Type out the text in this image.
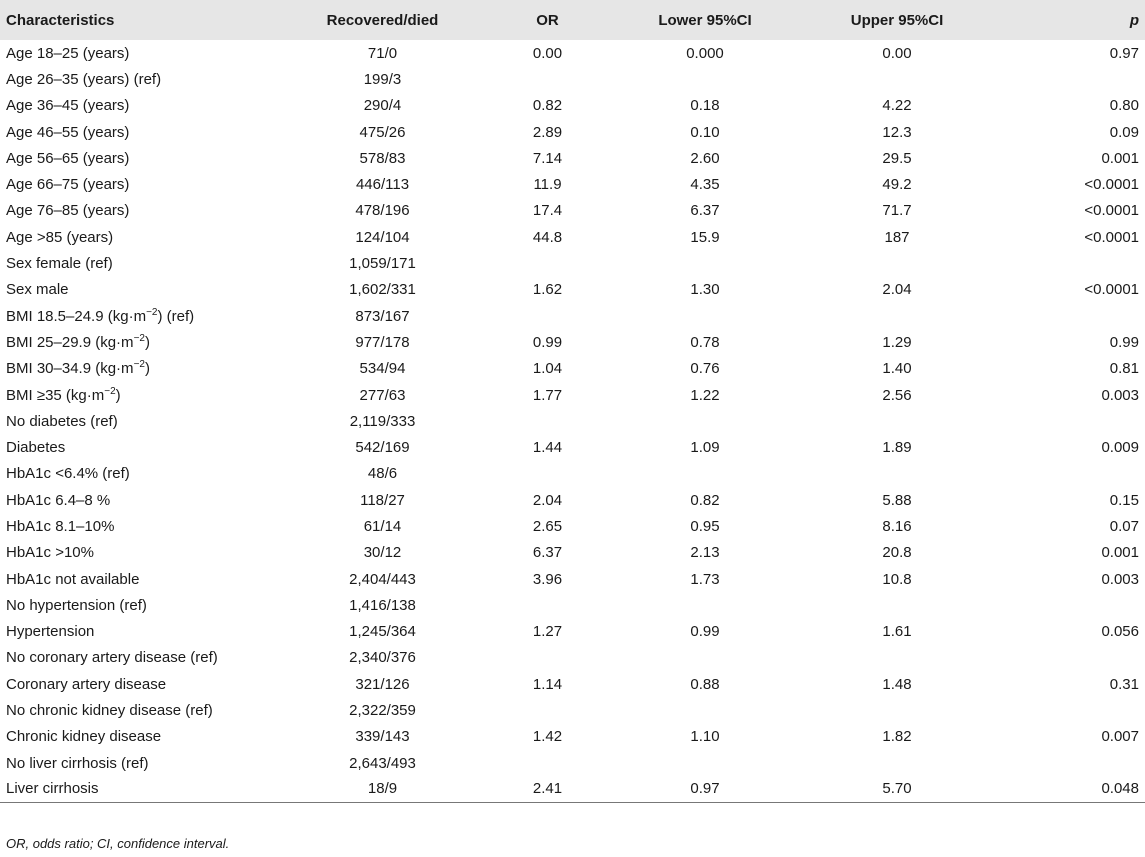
Characteristics	Recovered/died	OR	Lower 95%CI	Upper 95%CI	p
Age 18–25 (years)	71/0	0.00	0.000	0.00	0.97
Age 26–35 (years) (ref)	199/3				
Age 36–45 (years)	290/4	0.82	0.18	4.22	0.80
Age 46–55 (years)	475/26	2.89	0.10	12.3	0.09
Age 56–65 (years)	578/83	7.14	2.60	29.5	0.001
Age 66–75 (years)	446/113	11.9	4.35	49.2	<0.0001
Age 76–85 (years)	478/196	17.4	6.37	71.7	<0.0001
Age >85 (years)	124/104	44.8	15.9	187	<0.0001
Sex female (ref)	1,059/171				
Sex male	1,602/331	1.62	1.30	2.04	<0.0001
BMI 18.5–24.9 $(kg\cdot m^{-2})$ (ref)	873/167				
BMI 25–29.9 $(kg\cdot m^{-2})$	977/178	0.99	0.78	1.29	0.99
BMI 30–34.9 $(kg\cdot m^{-2})$	534/94	1.04	0.76	1.40	0.81
BMI ≥35 $(kg\cdot m^{-2})$	277/63	1.77	1.22	2.56	0.003
No diabetes (ref)	2,119/333				
Diabetes	542/169	1.44	1.09	1.89	0.009
HbA1c <6.4% (ref)	48/6				
HbA1c 6.4–8 %	118/27	2.04	0.82	5.88	0.15
HbA1c 8.1–10%	61/14	2.65	0.95	8.16	0.07
HbA1c >10%	30/12	6.37	2.13	20.8	0.001
HbA1c not available	2,404/443	3.96	1.73	10.8	0.003
No hypertension (ref)	1,416/138				
Hypertension	1,245/364	1.27	0.99	1.61	0.056
No coronary artery disease (ref)	2,340/376				
Coronary artery disease	321/126	1.14	0.88	1.48	0.31
No chronic kidney disease (ref)	2,322/359				
Chronic kidney disease	339/143	1.42	1.10	1.82	0.007
No liver cirrhosis (ref)	2,643/493				
Liver cirrhosis	18/9	2.41	0.97	5.70	0.048
OR, odds ratio; CI, confidence interval.
